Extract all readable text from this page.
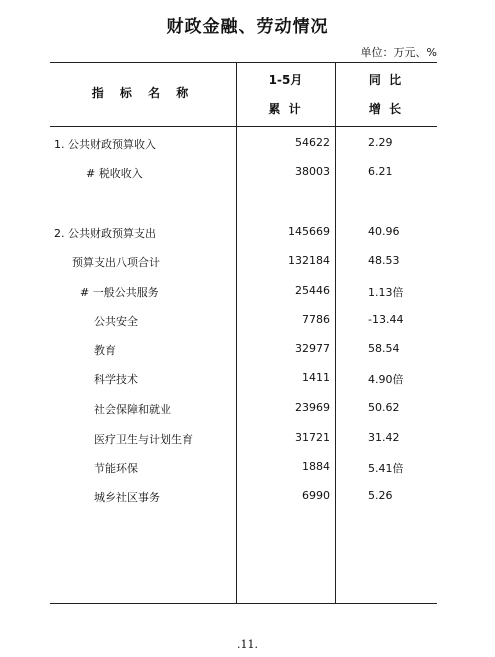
财政金融、劳动情况
单位：万元、%
指 标 名 称
1-5月
累 计
同 比
增 长
1. 公共财政预算收入	54622	2.29
# 税收收入	38003	6.21
2. 公共财政预算支出	145669	40.96
预算支出八项合计	132184	48.53
# 一般公共服务	25446	1.13倍
公共安全	7786	-13.44
教育	32977	58.54
科学技术	1411	4.90倍
社会保障和就业	23969	50.62
医疗卫生与计划生育	31721	31.42
节能环保	1884	5.41倍
城乡社区事务	6990	5.26
.11.
